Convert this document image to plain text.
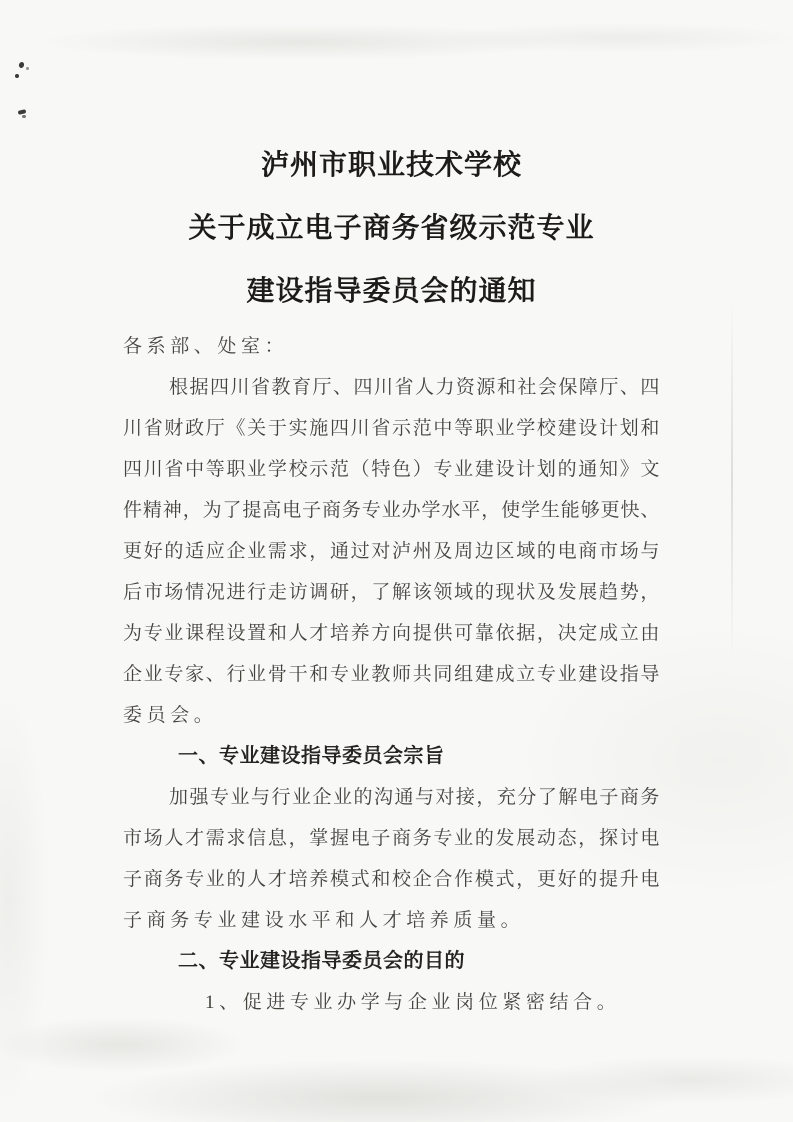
泸州市职业技术学校
关于成立电子商务省级示范专业
建设指导委员会的通知
各系部、处室：
根据四川省教育厅、四川省人力资源和社会保障厅、四
川省财政厅《关于实施四川省示范中等职业学校建设计划和
四川省中等职业学校示范（特色）专业建设计划的通知》文
件精神，为了提高电子商务专业办学水平，使学生能够更快、
更好的适应企业需求，通过对泸州及周边区域的电商市场与
后市场情况进行走访调研，了解该领域的现状及发展趋势，
为专业课程设置和人才培养方向提供可靠依据，决定成立由
企业专家、行业骨干和专业教师共同组建成立专业建设指导
委员会。
一、专业建设指导委员会宗旨
加强专业与行业企业的沟通与对接，充分了解电子商务
市场人才需求信息，掌握电子商务专业的发展动态，探讨电
子商务专业的人才培养模式和校企合作模式，更好的提升电
子商务专业建设水平和人才培养质量。
二、专业建设指导委员会的目的
1、促进专业办学与企业岗位紧密结合。
